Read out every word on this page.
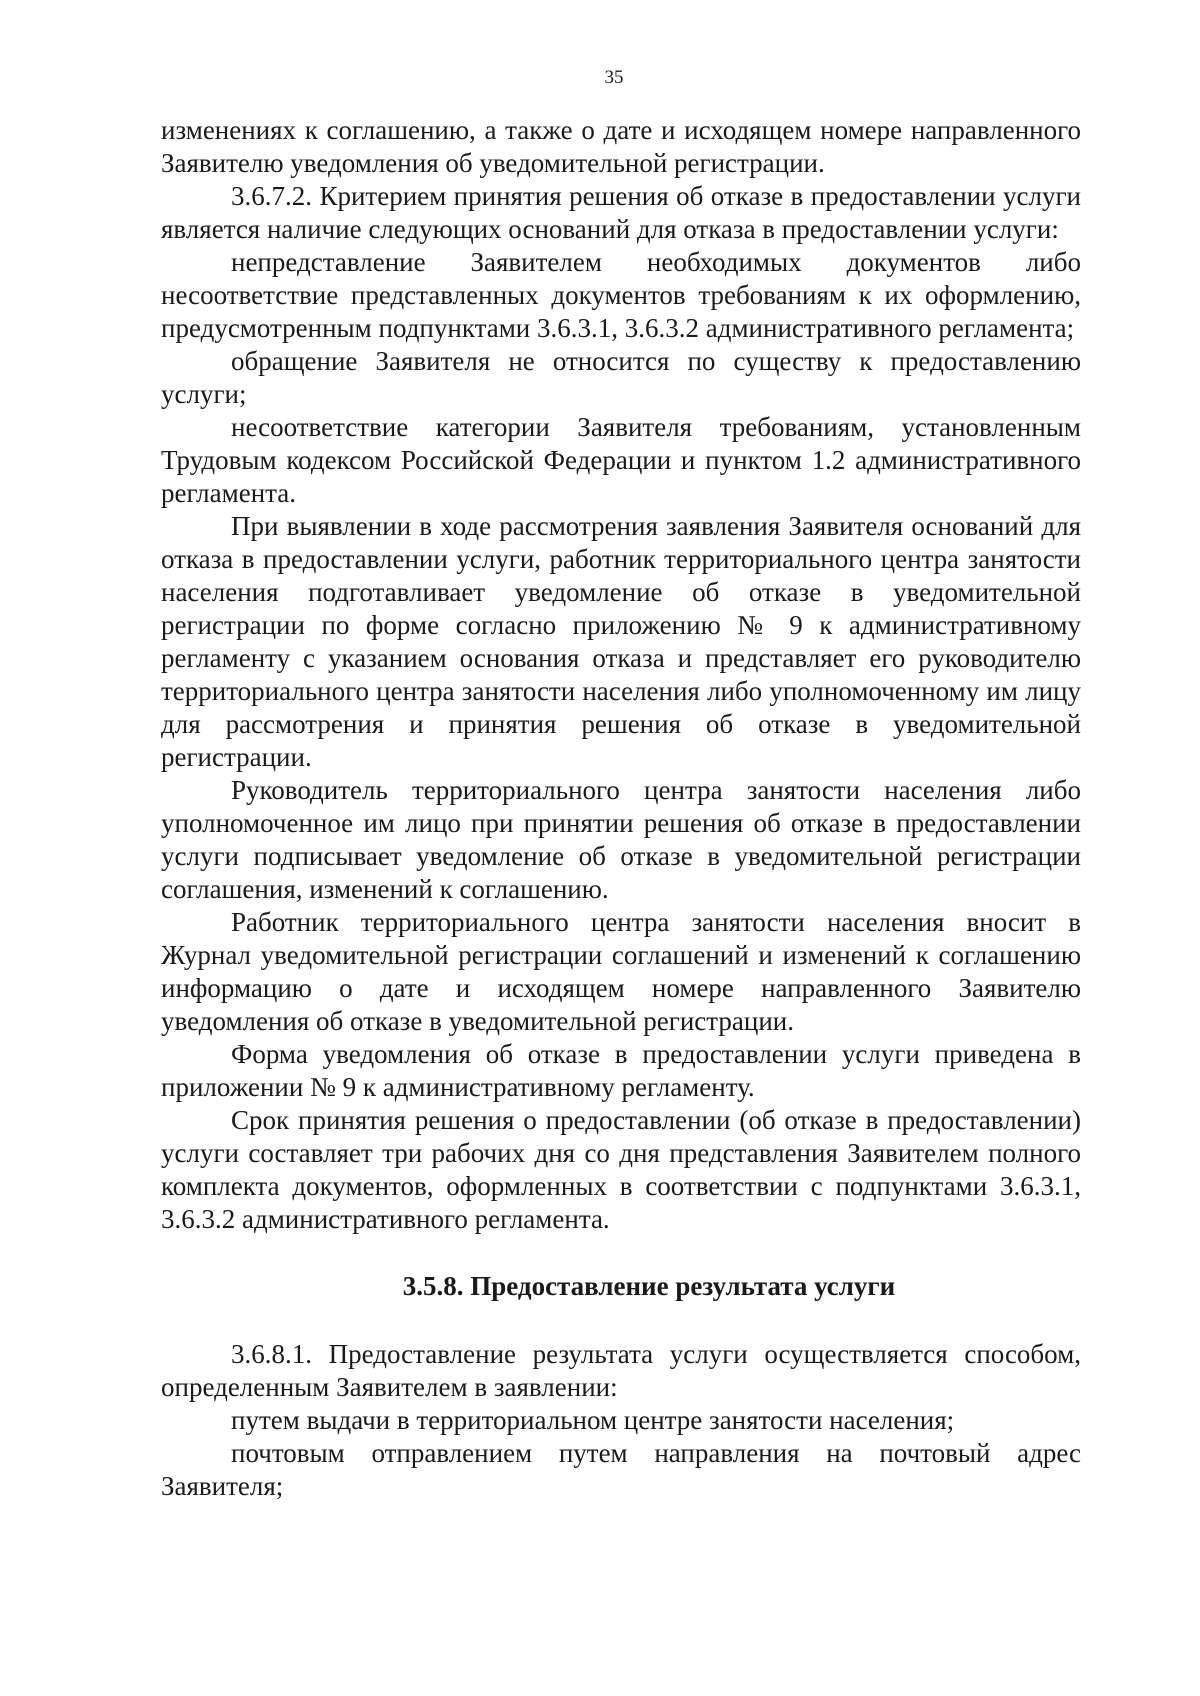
35

изменениях к соглашению, а также о дате и исходящем номере направленного Заявителю уведомления об уведомительной регистрации.

3.6.7.2. Критерием принятия решения об отказе в предоставлении услуги является наличие следующих оснований для отказа в предоставлении услуги:

непредставление Заявителем необходимых документов либо несоответствие представленных документов требованиям к их оформлению, предусмотренным подпунктами 3.6.3.1, 3.6.3.2 административного регламента;

обращение Заявителя не относится по существу к предоставлению услуги;

несоответствие категории Заявителя требованиям, установленным Трудовым кодексом Российской Федерации и пунктом 1.2 административного регламента.

При выявлении в ходе рассмотрения заявления Заявителя оснований для отказа в предоставлении услуги, работник территориального центра занятости населения подготавливает уведомление об отказе в уведомительной регистрации по форме согласно приложению № 9 к административному регламенту с указанием основания отказа и представляет его руководителю территориального центра занятости населения либо уполномоченному им лицу для рассмотрения и принятия решения об отказе в уведомительной регистрации.

Руководитель территориального центра занятости населения либо уполномоченное им лицо при принятии решения об отказе в предоставлении услуги подписывает уведомление об отказе в уведомительной регистрации соглашения, изменений к соглашению.

Работник территориального центра занятости населения вносит в Журнал уведомительной регистрации соглашений и изменений к соглашению информацию о дате и исходящем номере направленного Заявителю уведомления об отказе в уведомительной регистрации.

Форма уведомления об отказе в предоставлении услуги приведена в приложении № 9 к административному регламенту.

Срок принятия решения о предоставлении (об отказе в предоставлении) услуги составляет три рабочих дня со дня представления Заявителем полного комплекта документов, оформленных в соответствии с подпунктами 3.6.3.1, 3.6.3.2 административного регламента.

3.5.8. Предоставление результата услуги

3.6.8.1. Предоставление результата услуги осуществляется способом, определенным Заявителем в заявлении:

путем выдачи в территориальном центре занятости населения;

почтовым отправлением путем направления на почтовый адрес Заявителя;
